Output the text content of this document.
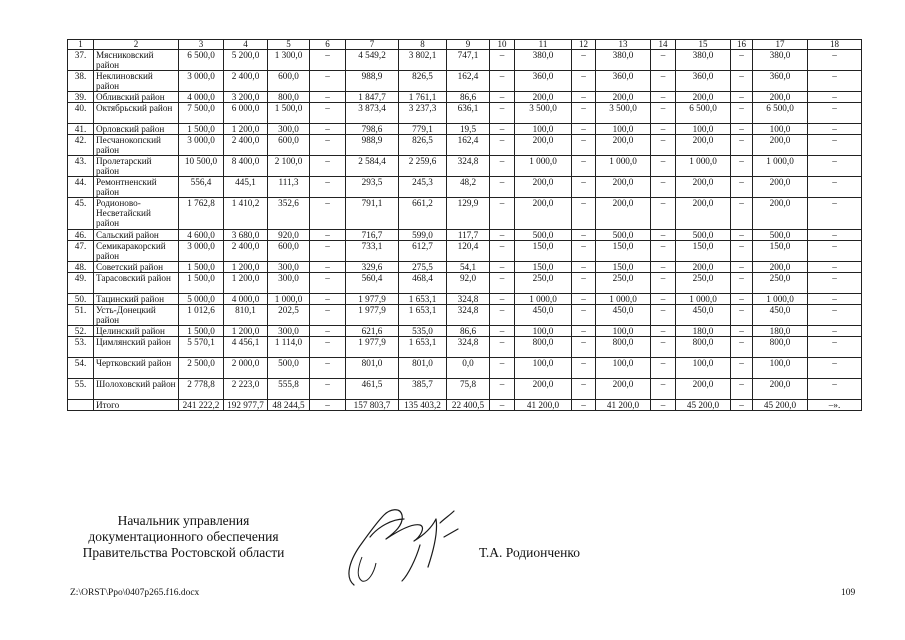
1	2	3	4	5	6	7	8	9	10	11	12	13	14	15	16	17	18
37.	Мясниковский район	6 500,0	5 200,0	1 300,0	–	4 549,2	3 802,1	747,1	–	380,0	–	380,0	–	380,0	–	380,0	–
38.	Неклиновский район	3 000,0	2 400,0	600,0	–	988,9	826,5	162,4	–	360,0	–	360,0	–	360,0	–	360,0	–
39.	Обливский район	4 000,0	3 200,0	800,0	–	1 847,7	1 761,1	86,6	–	200,0	–	200,0	–	200,0	–	200,0	–
40.	Октябрьский район	7 500,0	6 000,0	1 500,0	–	3 873,4	3 237,3	636,1	–	3 500,0	–	3 500,0	–	6 500,0	–	6 500,0	–
41.	Орловский район	1 500,0	1 200,0	300,0	–	798,6	779,1	19,5	–	100,0	–	100,0	–	100,0	–	100,0	–
42.	Песчанокопский район	3 000,0	2 400,0	600,0	–	988,9	826,5	162,4	–	200,0	–	200,0	–	200,0	–	200,0	–
43.	Пролетарский район	10 500,0	8 400,0	2 100,0	–	2 584,4	2 259,6	324,8	–	1 000,0	–	1 000,0	–	1 000,0	–	1 000,0	–
44.	Ремонтненский район	556,4	445,1	111,3	–	293,5	245,3	48,2	–	200,0	–	200,0	–	200,0	–	200,0	–
45.	Родионово-Несветайский район	1 762,8	1 410,2	352,6	–	791,1	661,2	129,9	–	200,0	–	200,0	–	200,0	–	200,0	–
46.	Сальский район	4 600,0	3 680,0	920,0	–	716,7	599,0	117,7	–	500,0	–	500,0	–	500,0	–	500,0	–
47.	Семикаракорский район	3 000,0	2 400,0	600,0	–	733,1	612,7	120,4	–	150,0	–	150,0	–	150,0	–	150,0	–
48.	Советский район	1 500,0	1 200,0	300,0	–	329,6	275,5	54,1	–	150,0	–	150,0	–	200,0	–	200,0	–
49.	Тарасовский район	1 500,0	1 200,0	300,0	–	560,4	468,4	92,0	–	250,0	–	250,0	–	250,0	–	250,0	–
50.	Тацинский район	5 000,0	4 000,0	1 000,0	–	1 977,9	1 653,1	324,8	–	1 000,0	–	1 000,0	–	1 000,0	–	1 000,0	–
51.	Усть-Донецкий район	1 012,6	810,1	202,5	–	1 977,9	1 653,1	324,8	–	450,0	–	450,0	–	450,0	–	450,0	–
52.	Целинский район	1 500,0	1 200,0	300,0	–	621,6	535,0	86,6	–	100,0	–	100,0	–	180,0	–	180,0	–
53.	Цимлянский район	5 570,1	4 456,1	1 114,0	–	1 977,9	1 653,1	324,8	–	800,0	–	800,0	–	800,0	–	800,0	–
54.	Чертковский район	2 500,0	2 000,0	500,0	–	801,0	801,0	0,0	–	100,0	–	100,0	–	100,0	–	100,0	–
55.	Шолоховский район	2 778,8	2 223,0	555,8	–	461,5	385,7	75,8	–	200,0	–	200,0	–	200,0	–	200,0	–
	Итого	241 222,2	192 977,7	48 244,5	–	157 803,7	135 403,2	22 400,5	–	41 200,0	–	41 200,0	–	45 200,0	–	45 200,0	–».
Начальник управления
документационного обеспечения
Правительства Ростовской области	Т.А. Родионченко
Z:\ORST\Ppo\0407p265.f16.docx	109
